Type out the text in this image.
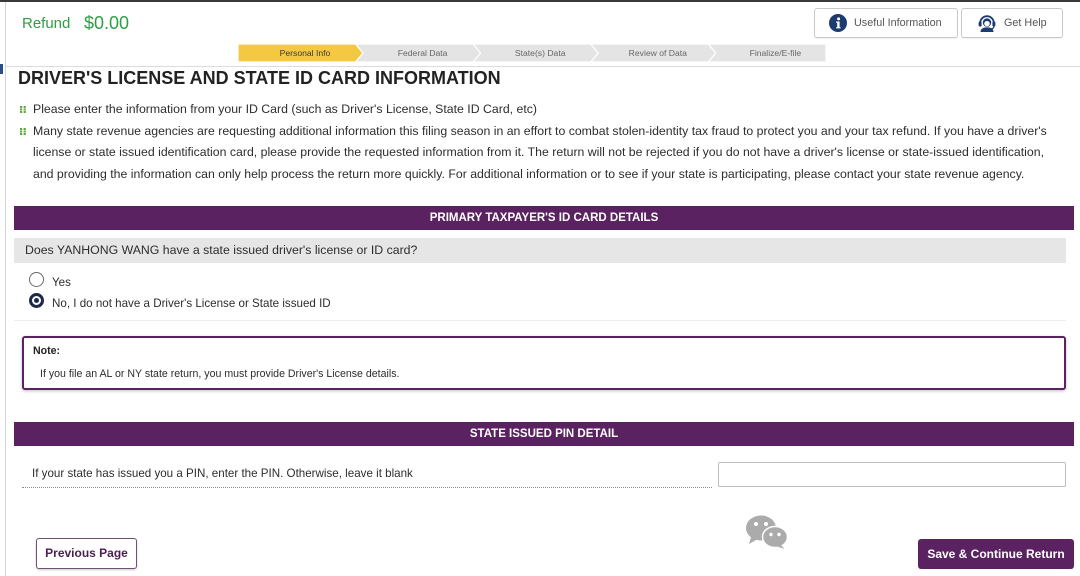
Refund $0.00	Useful Information	Get Help
Personal Info	Federal Data	State(s) Data	Review of Data	Finalize/E-file
DRIVER'S LICENSE AND STATE ID CARD INFORMATION
Please enter the information from your ID Card (such as Driver's License, State ID Card, etc)
Many state revenue agencies are requesting additional information this filing season in an effort to combat stolen-identity tax fraud to protect you and your tax refund. If you have a driver's license or state issued identification card, please provide the requested information from it. The return will not be rejected if you do not have a driver's license or state-issued identification, and providing the information can only help process the return more quickly. For additional information or to see if your state is participating, please contact your state revenue agency.
PRIMARY TAXPAYER'S ID CARD DETAILS
Does YANHONG WANG have a state issued driver's license or ID card?
Yes
No, I do not have a Driver's License or State issued ID
Note:
If you file an AL or NY state return, you must provide Driver's License details.
STATE ISSUED PIN DETAIL
If your state has issued you a PIN, enter the PIN. Otherwise, leave it blank
Previous Page	Save & Continue Return
